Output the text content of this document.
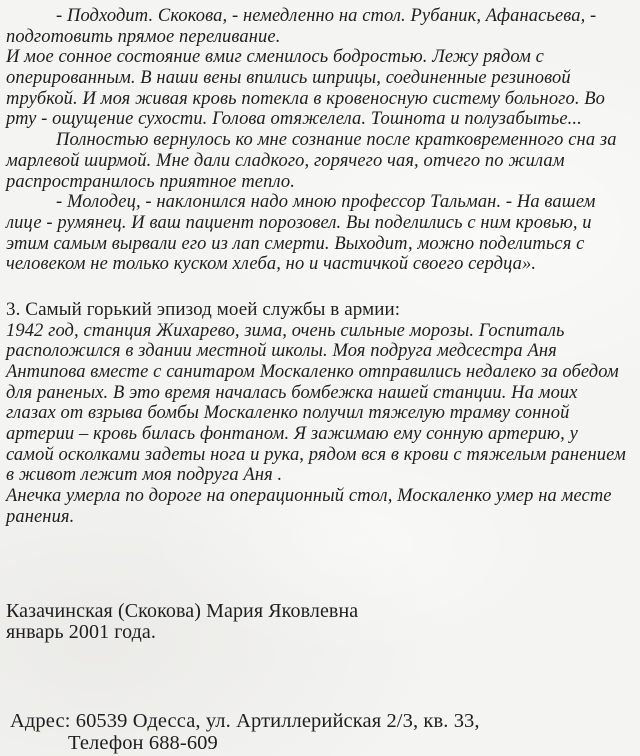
- Подходит. Скокова, - немедленно на стол. Рубаник, Афанасьева, -
подготовить прямое переливание.
И мое сонное состояние вмиг сменилось бодростью. Лежу рядом с
оперированным. В наши вены впились шприцы, соединенные резиновой
трубкой. И моя живая кровь потекла в кровеносную систему больного. Во
рту - ощущение сухости. Голова отяжелела. Тошнота и полузабытье...
Полностью вернулось ко мне сознание после кратковременного сна за
марлевой ширмой. Мне дали сладкого, горячего чая, отчего по жилам
распространилось приятное тепло.
- Молодец, - наклонился надо мною профессор Тальман. - На вашем
лице - румянец. И ваш пациент порозовел. Вы поделились с ним кровью, и
этим самым вырвали его из лап смерти. Выходит, можно поделиться с
человеком не только куском хлеба, но и частичкой своего сердца».
3. Самый горький эпизод моей службы в армии:
1942 год, станция Жихарево, зима, очень сильные морозы. Госпиталь
расположился в здании местной школы. Моя подруга медсестра Аня
Антипова вместе с санитаром Москаленко отправились недалеко за обедом
для раненых. В это время началась бомбежка нашей станции. На моих
глазах от взрыва бомбы Москаленко получил тяжелую трамву сонной
артерии – кровь билась фонтаном. Я зажимаю ему сонную артерию, у
самой осколками задеты нога и рука, рядом вся в крови с тяжелым ранением
в живот лежит моя подруга Аня .
Анечка умерла по дороге на операционный стол, Москаленко умер на месте
ранения.
Казачинская (Скокова) Мария Яковлевна
январь 2001 года.
Адрес: 60539 Одесса, ул. Артиллерийская 2/3, кв. 33,
Телефон 688-609
